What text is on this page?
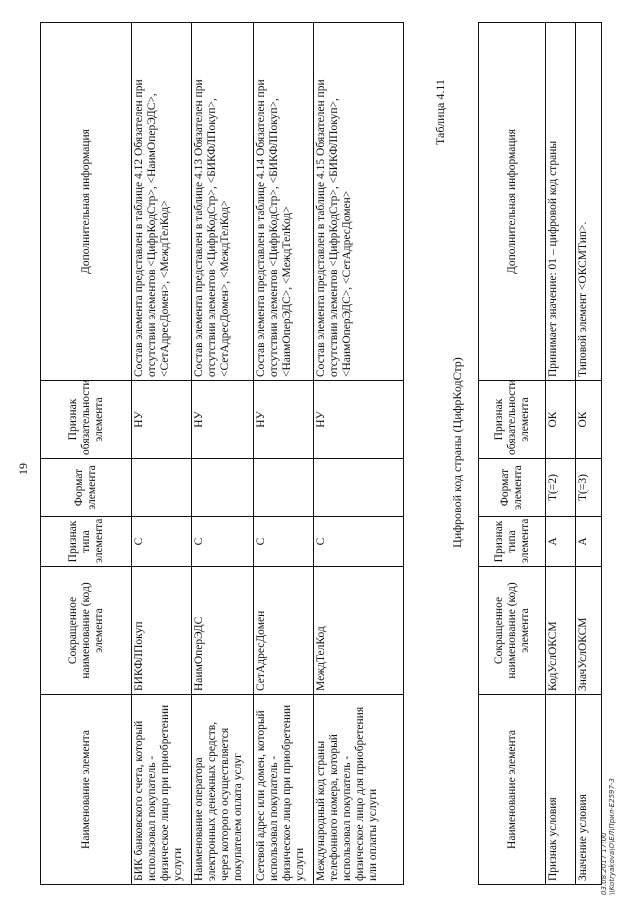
19
Наименование элемента	Сокращенное наименование (код) элемента	Признак типа элемента	Формат элемента	Признак обязательности элемента	Дополнительная информация
БИК банковского счета, который использовал покупатель - физическое лицо при приобретении услуги	БИКФЛПокуп	С		НУ	Состав элемента представлен в таблице 4.12 Обязателен при отсутствии элементов <ЦифрКодСтр>, <НаимОперЭДС>, <СетАдресДомен>, <МеждТелКод>
Наименование оператора электронных денежных средств, через которого осуществляется покупателем оплата услуг	НаимОперЭДС	С		НУ	Состав элемента представлен в таблице 4.13 Обязателен при отсутствии элементов <ЦифрКодСтр>, <БИКФЛПокуп>, <СетАдресДомен>, <МеждТелКод>
Сетевой адрес или домен, который использовал покупатель - физическое лицо при приобретении услуги	СетАдресДомен	С		НУ	Состав элемента представлен в таблице 4.14 Обязателен при отсутствии элементов <ЦифрКодСтр>, <БИКФЛПокуп>, <НаимОперЭДС>, <МеждТелКод>
Международный код страны телефонного номера, который использовал покупатель - физическое лицо для приобретения или оплаты услуги	МеждТелКод	С		НУ	Состав элемента представлен в таблице 4.15 Обязателен при отсутствии элементов <ЦифрКодСтр>, <БИКФЛПокуп>, <НаимОперЭДС>, <СетАдресДомен>
Таблица 4.11
Цифровой код страны (ЦифрКодСтр)
Наименование элемента	Сокращенное наименование (код) элемента	Признак типа элемента	Формат элемента	Признак обязательности элемента	Дополнительная информация
Признак условия	КодУслОКСМ	А	T(=2)	ОК	Принимает значение: 01 – цифровой код страны
Значение условия	ЗначУслОКСМ	А	T(=3)	ОК	Типовой элемент <ОКСМТип>.
03.08.2017 17:00 \\Kotryakova\О\ЕЛ\Прил-Е2597-3
